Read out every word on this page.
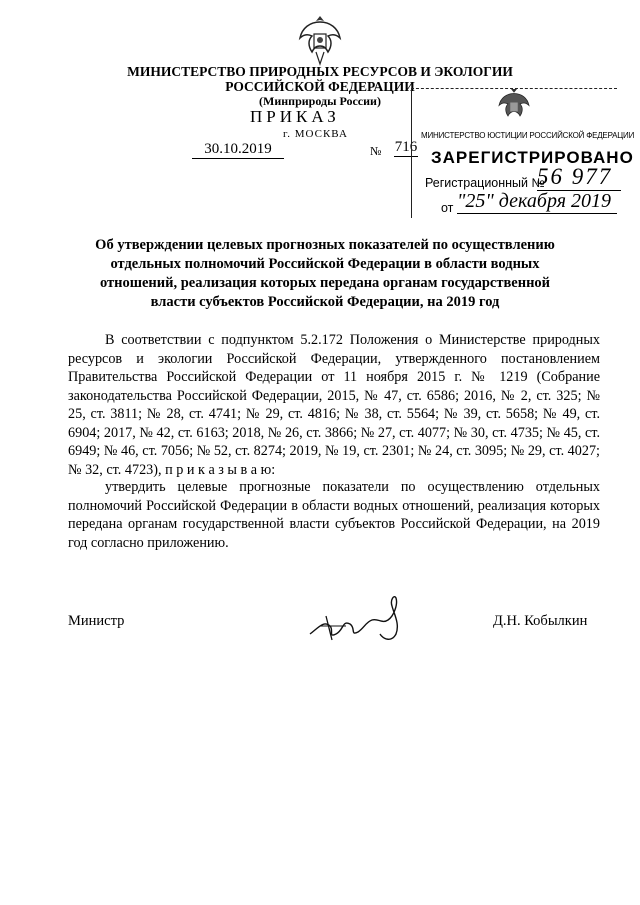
МИНИСТЕРСТВО ПРИРОДНЫХ РЕСУРСОВ И ЭКОЛОГИИ
РОССИЙСКОЙ ФЕДЕРАЦИИ
(Минприроды России)
ПРИКАЗ
г. МОСКВА
30.10.2019	№ 716
МИНИСТЕРСТВО ЮСТИЦИИ РОССИЙСКОЙ ФЕДЕРАЦИИ
ЗАРЕГИСТРИРОВАНО
Регистрационный №
56 977
от "25" декабря 2019
Об утверждении целевых прогнозных показателей по осуществлению отдельных полномочий Российской Федерации в области водных отношений, реализация которых передана органам государственной власти субъектов Российской Федерации, на 2019 год
В соответствии с подпунктом 5.2.172 Положения о Министерстве природных ресурсов и экологии Российской Федерации, утвержденного постановлением Правительства Российской Федерации от 11 ноября 2015 г. № 1219 (Собрание законодательства Российской Федерации, 2015, № 47, ст. 6586; 2016, № 2, ст. 325; № 25, ст. 3811; № 28, ст. 4741; № 29, ст. 4816; № 38, ст. 5564; № 39, ст. 5658; № 49, ст. 6904; 2017, № 42, ст. 6163; 2018, № 26, ст. 3866; № 27, ст. 4077; № 30, ст. 4735; № 45, ст. 6949; № 46, ст. 7056; № 52, ст. 8274; 2019, № 19, ст. 2301; № 24, ст. 3095; № 29, ст. 4027; № 32, ст. 4723), п р и к а з ы в а ю:
утвердить целевые прогнозные показатели по осуществлению отдельных полномочий Российской Федерации в области водных отношений, реализация которых передана органам государственной власти субъектов Российской Федерации, на 2019 год согласно приложению.
Министр	Д.Н. Кобылкин
